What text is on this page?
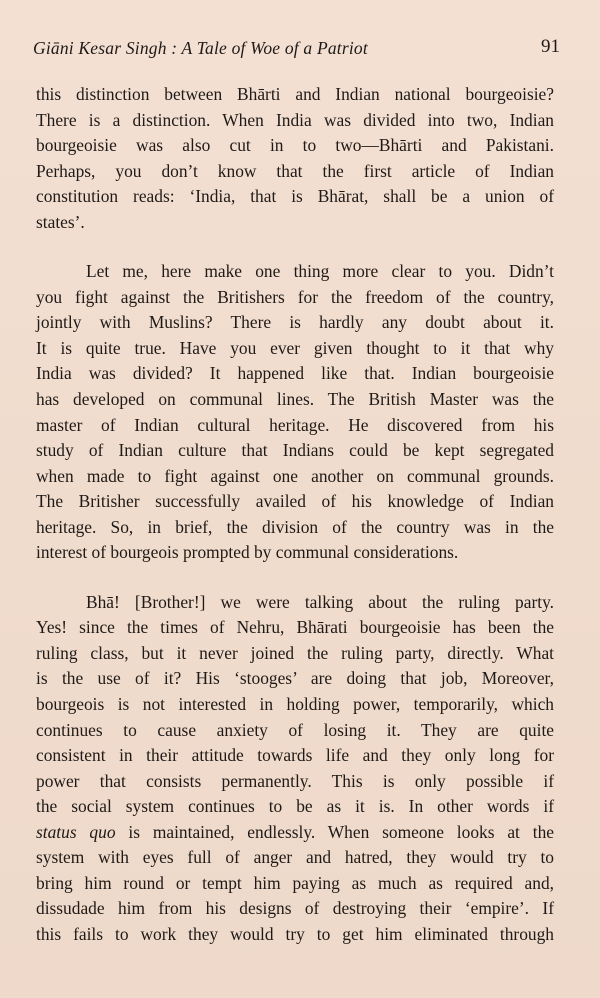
Giāni Kesar Singh : A Tale of Woe of a Patriot	91

this distinction between Bhārti and Indian national bourgeoisie?
There is a distinction. When India was divided into two, Indian
bourgeoisie was also cut in to two—Bhārti and Pakistani.
Perhaps, you don’t know that the first article of Indian
constitution reads: ‘India, that is Bhārat, shall be a union of
states’.

Let me, here make one thing more clear to you. Didn’t
you fight against the Britishers for the freedom of the country,
jointly with Muslins? There is hardly any doubt about it.
It is quite true. Have you ever given thought to it that why
India was divided? It happened like that. Indian bourgeoisie
has developed on communal lines. The British Master was the
master of Indian cultural heritage. He discovered from his
study of Indian culture that Indians could be kept segregated
when made to fight against one another on communal grounds.
The Britisher successfully availed of his knowledge of Indian
heritage. So, in brief, the division of the country was in the
interest of bourgeois prompted by communal considerations.

Bhā! [Brother!] we were talking about the ruling party.
Yes! since the times of Nehru, Bhārati bourgeoisie has been the
ruling class, but it never joined the ruling party, directly. What
is the use of it? His ‘stooges’ are doing that job, Moreover,
bourgeois is not interested in holding power, temporarily, which
continues to cause anxiety of losing it. They are quite
consistent in their attitude towards life and they only long for
power that consists permanently. This is only possible if
the social system continues to be as it is. In other words if
status quo is maintained, endlessly. When someone looks at the
system with eyes full of anger and hatred, they would try to
bring him round or tempt him paying as much as required and,
dissudade him from his designs of destroying their ‘empire’. If
this fails to work they would try to get him eliminated through
